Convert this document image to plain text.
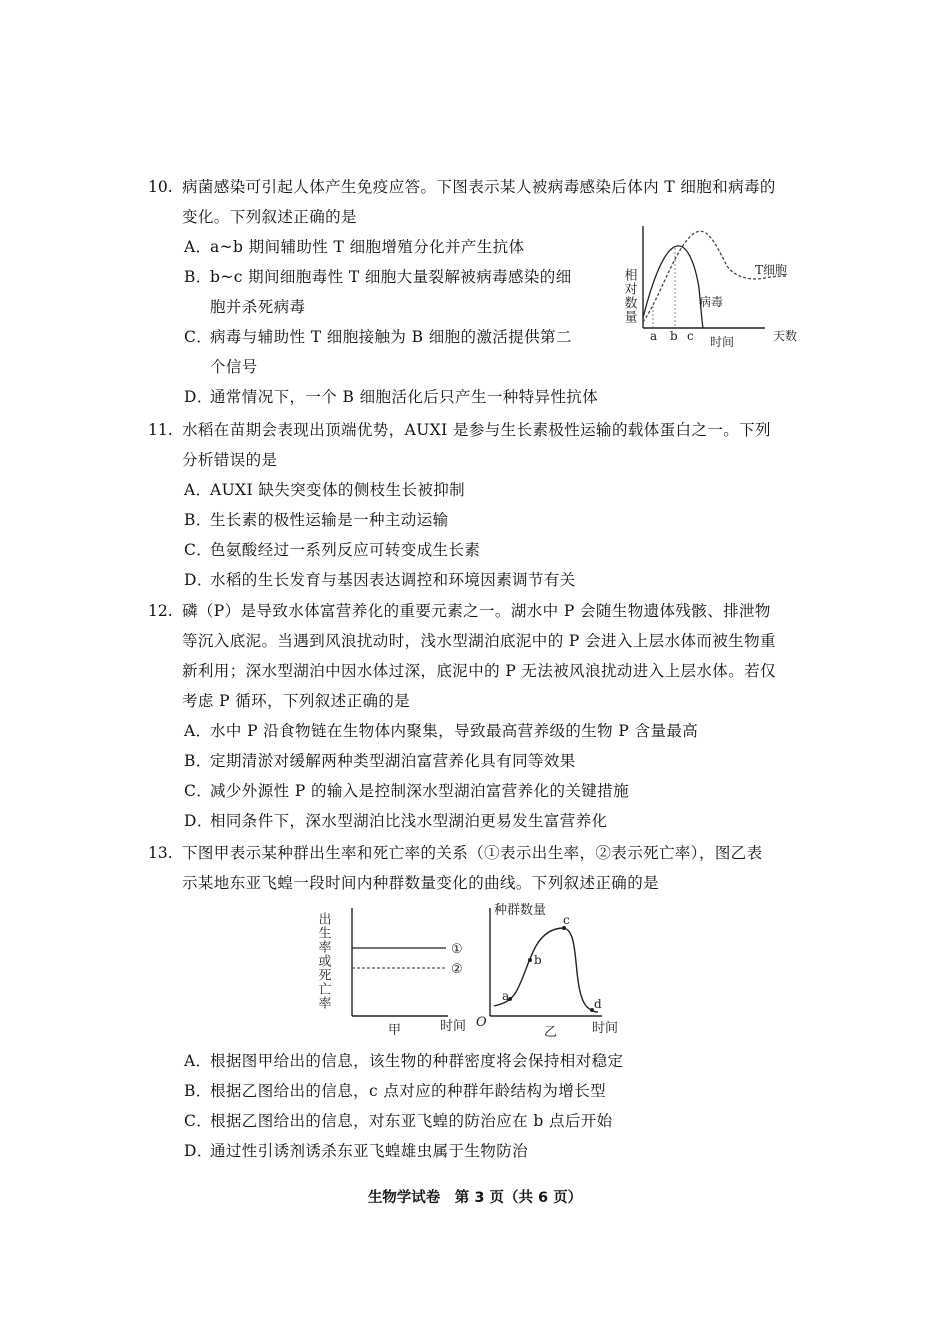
10. 病菌感染可引起人体产生免疫应答。下图表示某人被病毒感染后体内 T 细胞和病毒的
变化。下列叙述正确的是
A．a~b 期间辅助性 T 细胞增殖分化并产生抗体
B．b~c 期间细胞毒性 T 细胞大量裂解被病毒感染的细
胞并杀死病毒
C．病毒与辅助性 T 细胞接触为 B 细胞的激活提供第二
个信号
D．通常情况下，一个 B 细胞活化后只产生一种特异性抗体
相对数量
a b c 时间	天数
T细胞
病毒
11. 水稻在苗期会表现出顶端优势，AUXI 是参与生长素极性运输的载体蛋白之一。下列
分析错误的是
A．AUXI 缺失突变体的侧枝生长被抑制
B．生长素的极性运输是一种主动运输
C．色氨酸经过一系列反应可转变成生长素
D．水稻的生长发育与基因表达调控和环境因素调节有关
12. 磷（P）是导致水体富营养化的重要元素之一。湖水中 P 会随生物遗体残骸、排泄物
等沉入底泥。当遇到风浪扰动时，浅水型湖泊底泥中的 P 会进入上层水体而被生物重
新利用；深水型湖泊中因水体过深，底泥中的 P 无法被风浪扰动进入上层水体。若仅
考虑 P 循环，下列叙述正确的是
A．水中 P 沿食物链在生物体内聚集，导致最高营养级的生物 P 含量最高
B．定期清淤对缓解两种类型湖泊富营养化具有同等效果
C．减少外源性 P 的输入是控制深水型湖泊富营养化的关键措施
D．相同条件下，深水型湖泊比浅水型湖泊更易发生富营养化
13. 下图甲表示某种群出生率和死亡率的关系（①表示出生率，②表示死亡率），图乙表
示某地东亚飞蝗一段时间内种群数量变化的曲线。下列叙述正确的是
出生率或死亡率	①
②
甲	时间 O
种群数量
a
b
c
d
乙	时间
A．根据图甲给出的信息，该生物的种群密度将会保持相对稳定
B．根据乙图给出的信息，c 点对应的种群年龄结构为增长型
C．根据乙图给出的信息，对东亚飞蝗的防治应在 b 点后开始
D．通过性引诱剂诱杀东亚飞蝗雄虫属于生物防治
生物学试卷　第 3 页（共 6 页）
